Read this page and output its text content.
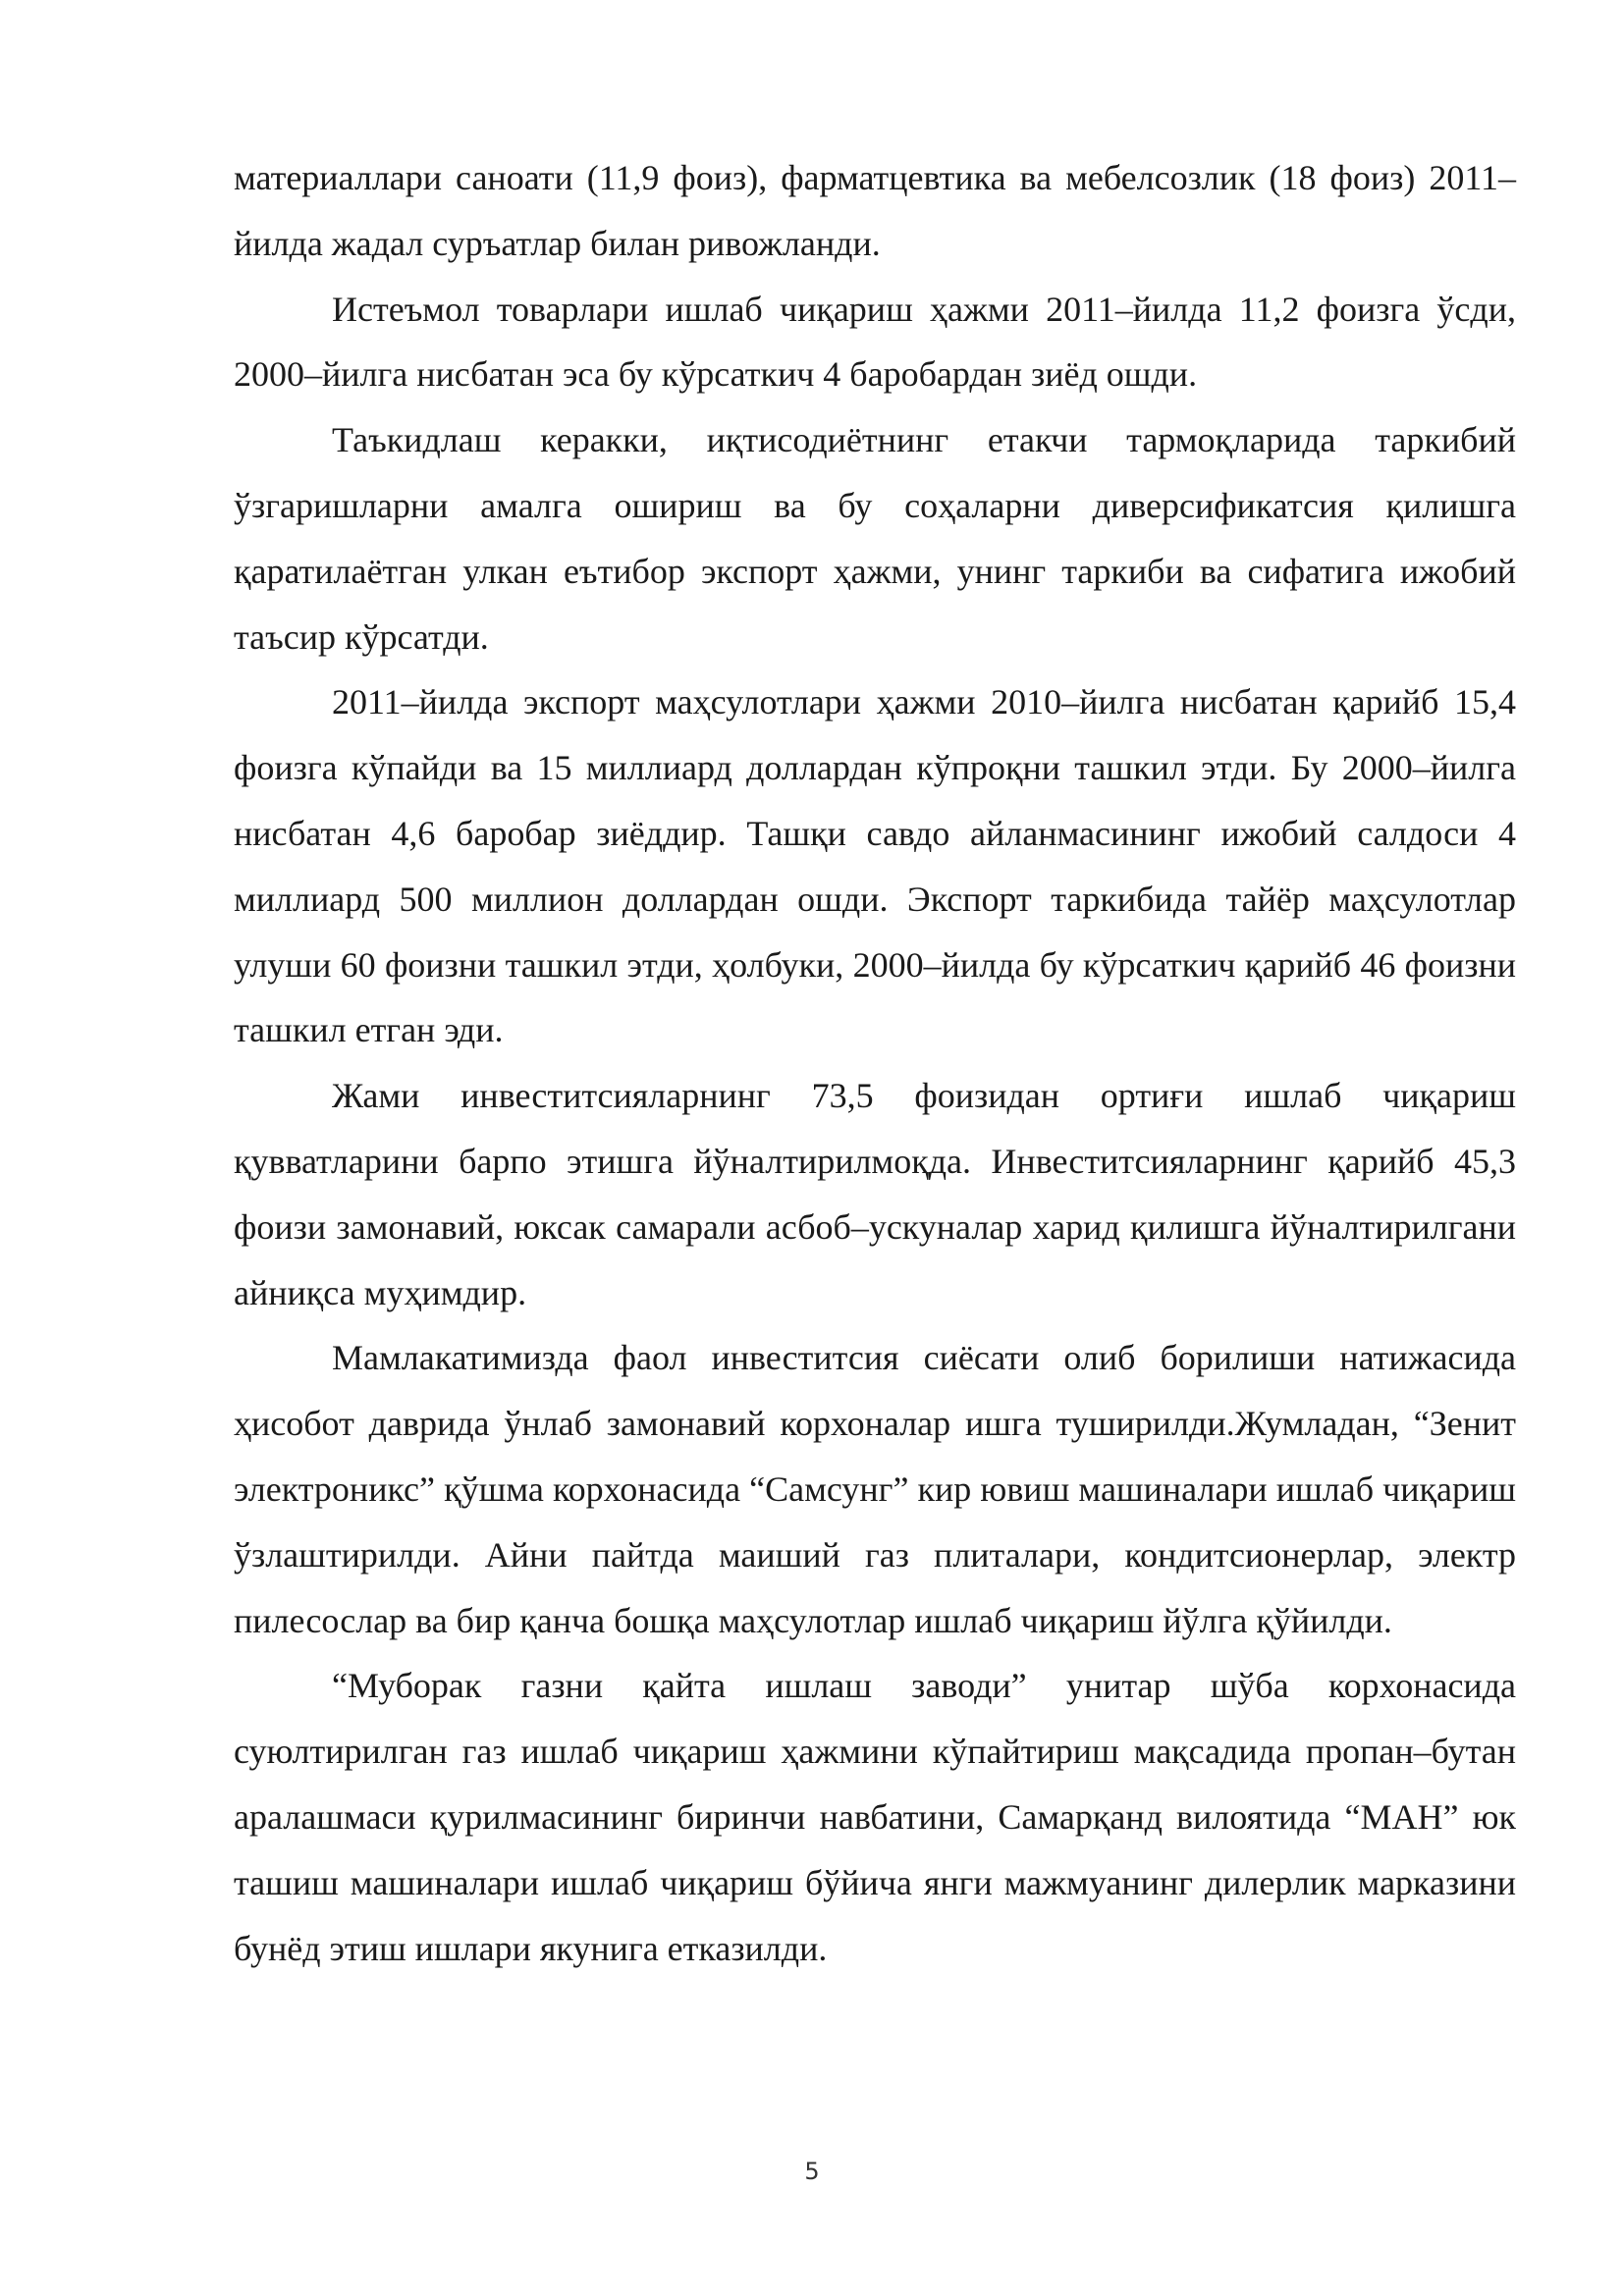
материаллари саноати (11,9 фоиз), фарматцевтика ва мебелсозлик (18 фоиз) 2011–йилда жадал суръатлар билан ривожланди.

Истеъмол товарлари ишлаб чиқариш ҳажми 2011–йилда 11,2 фоизга ўсди, 2000–йилга нисбатан эса бу кўрсаткич 4 баробардан зиёд ошди.

Таъкидлаш керакки, иқтисодиётнинг етакчи тармоқларида таркибий ўзгаришларни амалга ошириш ва бу соҳаларни диверсификатсия қилишга қаратилаётган улкан еътибор экспорт ҳажми, унинг таркиби ва сифатига ижобий таъсир кўрсатди.

2011–йилда экспорт маҳсулотлари ҳажми 2010–йилга нисбатан қарийб 15,4 фоизга кўпайди ва 15 миллиард доллардан кўпроқни ташкил этди. Бу 2000–йилга нисбатан 4,6 баробар зиёддир. Ташқи савдо айланмасининг ижобий салдоси 4 миллиард 500 миллион доллардан ошди. Экспорт таркибида тайёр маҳсулотлар улуши 60 фоизни ташкил этди, ҳолбуки, 2000–йилда бу кўрсаткич қарийб 46 фоизни ташкил етган эди.

Жами инвеститсияларнинг 73,5 фоизидан ортиғи ишлаб чиқариш қувватларини барпо этишга йўналтирилмоқда. Инвеститсияларнинг қарийб 45,3 фоизи замонавий, юксак самарали асбоб–ускуналар харид қилишга йўналтирилгани айниқса муҳимдир.

Мамлакатимизда фаол инвеститсия сиёсати олиб борилиши натижасида ҳисобот даврида ўнлаб замонавий корхоналар ишга туширилди.Жумладан, “Зенит электроникс” қўшма корхонасида “Самсунг” кир ювиш машиналари ишлаб чиқариш ўзлаштирилди. Айни пайтда маиший газ плиталари, кондитсионерлар, электр пилесослар ва бир қанча бошқа маҳсулотлар ишлаб чиқариш йўлга қўйилди.

“Муборак газни қайта ишлаш заводи” унитар шўба корхонасида суюлтирилган газ ишлаб чиқариш ҳажмини кўпайтириш мақсадида пропан–бутан аралашмаси қурилмасининг биринчи навбатини, Самарқанд вилоятида “МАН” юк ташиш машиналари ишлаб чиқариш бўйича янги мажмуанинг дилерлик марказини бунёд этиш ишлари якунига етказилди.

5
